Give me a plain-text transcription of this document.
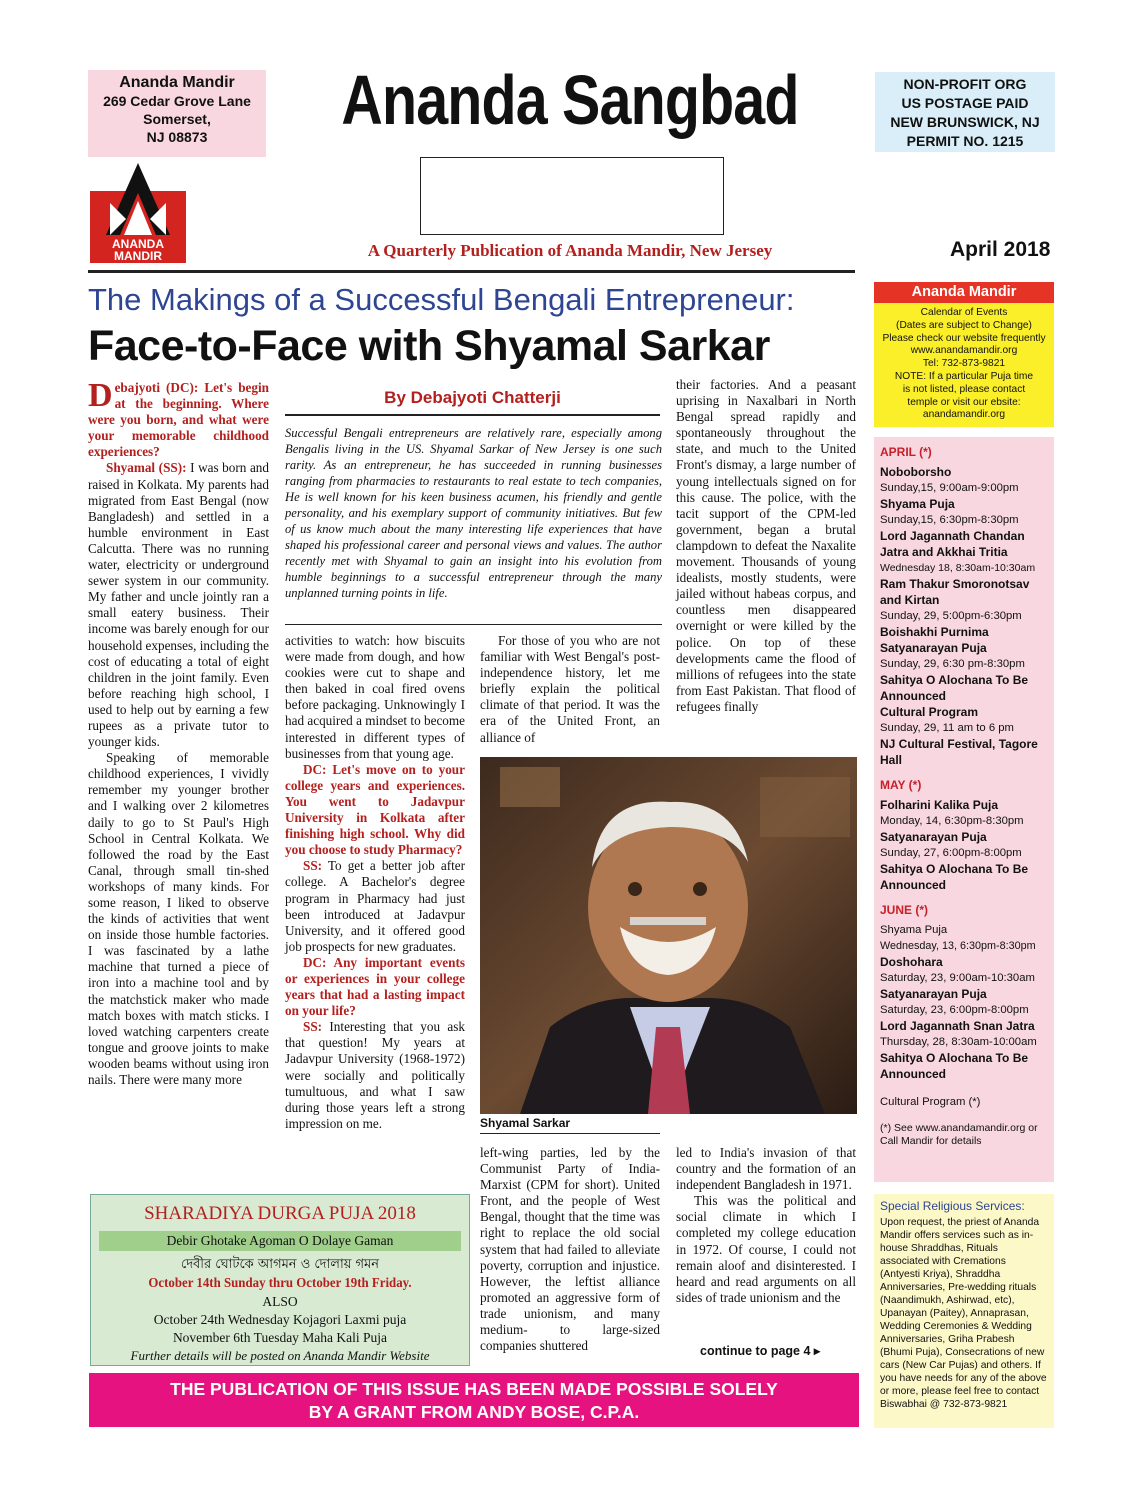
Ananda Mandir
269 Cedar Grove Lane
Somerset,
NJ 08873	Ananda Sangbad	NON-PROFIT ORG
US POSTAGE PAID
NEW BRUNSWICK, NJ
PERMIT NO. 1215
ANANDA
MANDIR	A Quarterly Publication of Ananda Mandir, New Jersey	April 2018
The Makings of a Successful Bengali Entrepreneur:
Face-to-Face with Shyamal Sarkar
Debajyoti (DC): Let's begin at the beginning. Where were you born, and what were your memorable childhood experiences?
Shyamal (SS): I was born and raised in Kolkata. My parents had migrated from East Bengal (now Bangladesh) and settled in a humble environment in East Calcutta. There was no running water, electricity or underground sewer system in our community. My father and uncle jointly ran a small eatery business. Their income was barely enough for our household expenses, including the cost of educating a total of eight children in the joint family. Even before reaching high school, I used to help out by earning a few rupees as a private tutor to younger kids.
Speaking of memorable childhood experiences, I vividly remember my younger brother and I walking over 2 kilometres daily to go to St Paul's High School in Central Kolkata. We followed the road by the East Canal, through small tin-shed workshops of many kinds. For some reason, I liked to observe the kinds of activities that went on inside those humble factories. I was fascinated by a lathe machine that turned a piece of iron into a machine tool and by the matchstick maker who made match boxes with match sticks. I loved watching carpenters create tongue and groove joints to make wooden beams without using iron nails. There were many more
By Debajyoti Chatterji
Successful Bengali entrepreneurs are relatively rare, especially among Bengalis living in the US. Shyamal Sarkar of New Jersey is one such rarity. As an entrepreneur, he has succeeded in running businesses ranging from pharmacies to restaurants to real estate to tech companies, He is well known for his keen business acumen, his friendly and gentle personality, and his exemplary support of community initiatives. But few of us know much about the many interesting life experiences that have shaped his professional career and personal views and values. The author recently met with Shyamal to gain an insight into his evolution from humble beginnings to a successful entrepreneur through the many unplanned turning points in life.
activities to watch: how biscuits were made from dough, and how cookies were cut to shape and then baked in coal fired ovens before packaging. Unknowingly I had acquired a mindset to become interested in different types of businesses from that young age.
DC: Let's move on to your college years and experiences. You went to Jadavpur University in Kolkata after finishing high school. Why did you choose to study Pharmacy?
SS: To get a better job after college. A Bachelor's degree program in Pharmacy had just been introduced at Jadavpur University, and it offered good job prospects for new graduates.
DC: Any important events or experiences in your college years that had a lasting impact on your life?
SS: Interesting that you ask that question! My years at Jadavpur University (1968-1972) were socially and politically tumultuous, and what I saw during those years left a strong impression on me.
For those of you who are not familiar with West Bengal's post-independence history, let me briefly explain the political climate of that period. It was the era of the United Front, an alliance of
their factories. And a peasant uprising in Naxalbari in North Bengal spread rapidly and spontaneously throughout the state, and much to the United Front's dismay, a large number of young intellectuals signed on for this cause. The police, with the tacit support of the CPM-led government, began a brutal clampdown to defeat the Naxalite movement. Thousands of young idealists, mostly students, were jailed without habeas corpus, and countless men disappeared overnight or were killed by the police. On top of these developments came the flood of millions of refugees into the state from East Pakistan. That flood of refugees finally
Shyamal Sarkar
left-wing parties, led by the Communist Party of India-Marxist (CPM for short). United Front, and the people of West Bengal, thought that the time was right to replace the old social system that had failed to alleviate poverty, corruption and injustice. However, the leftist alliance promoted an aggressive form of trade unionism, and many medium- to large-sized companies shuttered
led to India's invasion of that country and the formation of an independent Bangladesh in 1971.
This was the political and social climate in which I completed my college education in 1972. Of course, I could not remain aloof and disinterested. I heard and read arguments on all sides of trade unionism and the
continue to page 4 ▸
SHARADIYA DURGA PUJA 2018
Debir Ghotake Agoman O Dolaye Gaman
দেবীর ঘোটকে আগমন ও দোলায় গমন
October 14th Sunday thru October 19th Friday.
ALSO
October 24th Wednesday Kojagori Laxmi puja
November 6th Tuesday Maha Kali Puja
Further details will be posted on Ananda Mandir Website
THE PUBLICATION OF THIS ISSUE HAS BEEN MADE POSSIBLE SOLELY
BY A GRANT FROM ANDY BOSE, C.P.A.
Ananda Mandir
Calendar of Events
(Dates are subject to Change)
Please check our website frequently
www.anandamandir.org
Tel: 732-873-9821
NOTE: If a particular Puja time
is not listed, please contact
temple or visit our ebsite:
anandamandir.org
APRIL (*)
Noboborsho
Sunday,15, 9:00am-9:00pm
Shyama Puja
Sunday,15, 6:30pm-8:30pm
Lord Jagannath Chandan Jatra and Akkhai Tritia
Wednesday 18, 8:30am-10:30am
Ram Thakur Smoronotsav and Kirtan
Sunday, 29, 5:00pm-6:30pm
Boishakhi Purnima Satyanarayan Puja
Sunday, 29, 6:30 pm-8:30pm
Sahitya O Alochana To Be Announced
Cultural Program
Sunday, 29, 11 am to 6 pm
NJ Cultural Festival, Tagore Hall
MAY (*)
Folharini Kalika Puja
Monday, 14, 6:30pm-8:30pm
Satyanarayan Puja
Sunday, 27, 6:00pm-8:00pm
Sahitya O Alochana To Be Announced
JUNE (*)
Shyama Puja
Wednesday, 13, 6:30pm-8:30pm
Doshohara
Saturday, 23, 9:00am-10:30am
Satyanarayan Puja
Saturday, 23, 6:00pm-8:00pm
Lord Jagannath Snan Jatra
Thursday, 28, 8:30am-10:00am
Sahitya O Alochana To Be Announced
Cultural Program (*)
(*) See www.anandamandir.org or Call Mandir for details
Special Religious Services:
Upon request, the priest of Ananda Mandir offers services such as in-house Shraddhas, Rituals associated with Cremations (Antyesti Kriya), Shraddha Anniversaries, Pre-wedding rituals (Naandimukh, Ashirwad, etc), Upanayan (Paitey), Annaprasan, Wedding Ceremonies & Wedding Anniversaries, Griha Prabesh (Bhumi Puja), Consecrations of new cars (New Car Pujas) and others. If you have needs for any of the above or more, please feel free to contact
Biswabhai @ 732-873-9821
